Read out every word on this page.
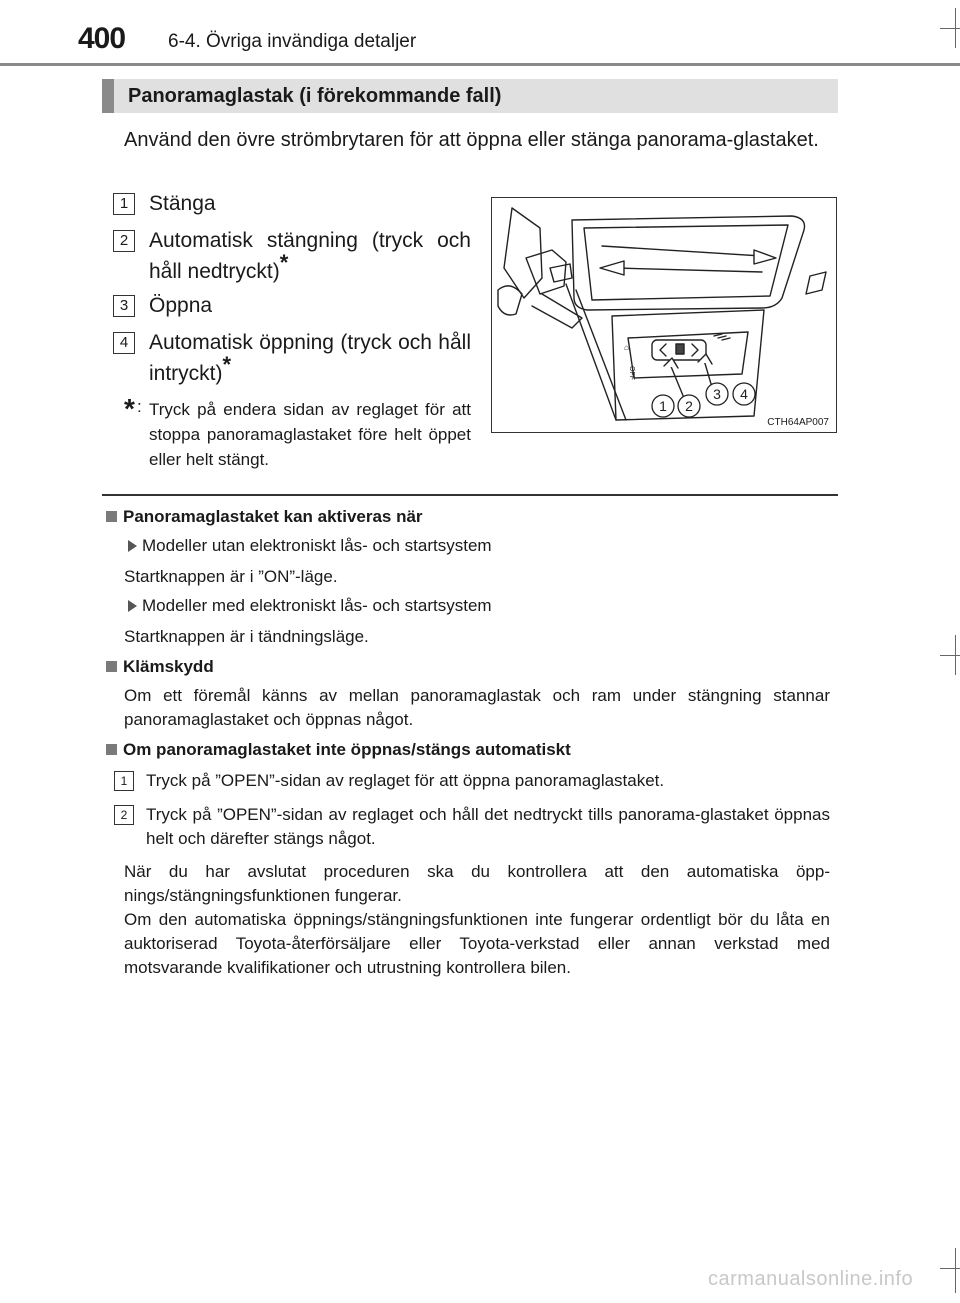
400 6-4. Övriga invändiga detaljer
Panoramaglastak (i förekommande fall)
Använd den övre strömbrytaren för att öppna eller stänga panorama-glastaket.
1 Stänga
2 Automatisk stängning (tryck och håll nedtryckt)*
3 Öppna
4 Automatisk öppning (tryck och håll intryckt)*
* : Tryck på endera sidan av reglaget för att stoppa panoramaglastaket före helt öppet eller helt stängt.
⌂
OFF
1 2
3 4
CTH64AP007
Panoramaglastaket kan aktiveras när
Modeller utan elektroniskt lås- och startsystem
Startknappen är i ”ON”-läge.
Modeller med elektroniskt lås- och startsystem
Startknappen är i tändningsläge.
Klämskydd
Om ett föremål känns av mellan panoramaglastak och ram under stängning stannar panoramaglastaket och öppnas något.
Om panoramaglastaket inte öppnas/stängs automatiskt
1	Tryck på ”OPEN”-sidan av reglaget för att öppna panoramaglastaket.
2	Tryck på ”OPEN”-sidan av reglaget och håll det nedtryckt tills panorama-glastaket öppnas helt och därefter stängs något.
När du har avslutat proceduren ska du kontrollera att den automatiska öpp-nings/stängningsfunktionen fungerar.
Om den automatiska öppnings/stängningsfunktionen inte fungerar ordentligt bör du låta en auktoriserad Toyota-återförsäljare eller Toyota-verkstad eller annan verkstad med motsvarande kvalifikationer och utrustning kontrollera bilen.
carmanualsonline.info
